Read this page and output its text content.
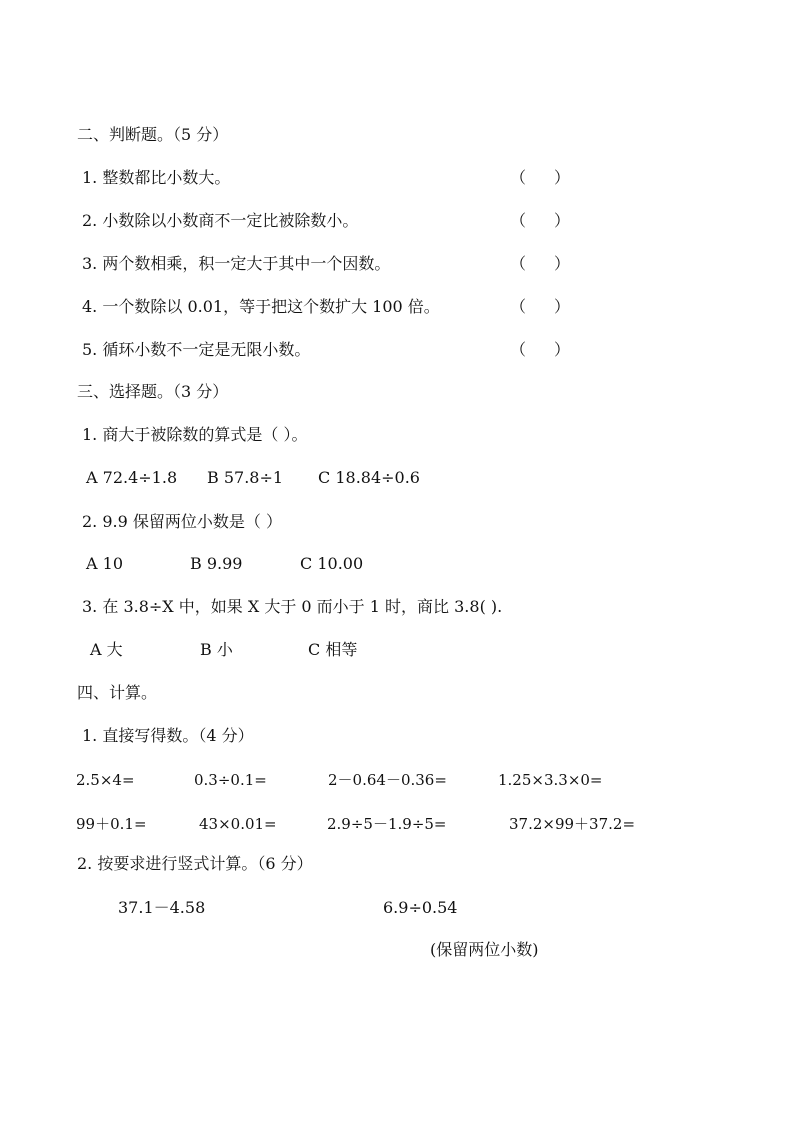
二、判断题。（5 分）
1. 整数都比小数大。	（ ）
2. 小数除以小数商不一定比被除数小。	（ ）
3. 两个数相乘，积一定大于其中一个因数。	（ ）
4. 一个数除以 0.01，等于把这个数扩大 100 倍。	（ ）
5. 循环小数不一定是无限小数。	（ ）
三、选择题。（3 分）
1. 商大于被除数的算式是（ ）。
A 72.4÷1.8 B 57.8÷1 C 18.84÷0.6
2. 9.9 保留两位小数是（ ）
A 10	B 9.99	C 10.00
3. 在 3.8÷X 中，如果 X 大于 0 而小于 1 时，商比 3.8( ).
A 大	B 小	C 相等
四、计算。
1. 直接写得数。（4 分）
2.5×4=	0.3÷0.1=	2－0.64－0.36=	1.25×3.3×0=
99＋0.1=	43×0.01=	2.9÷5－1.9÷5=	37.2×99＋37.2=
2. 按要求进行竖式计算。（6 分）
37.1－4.58	6.9÷0.54
(保留两位小数)
